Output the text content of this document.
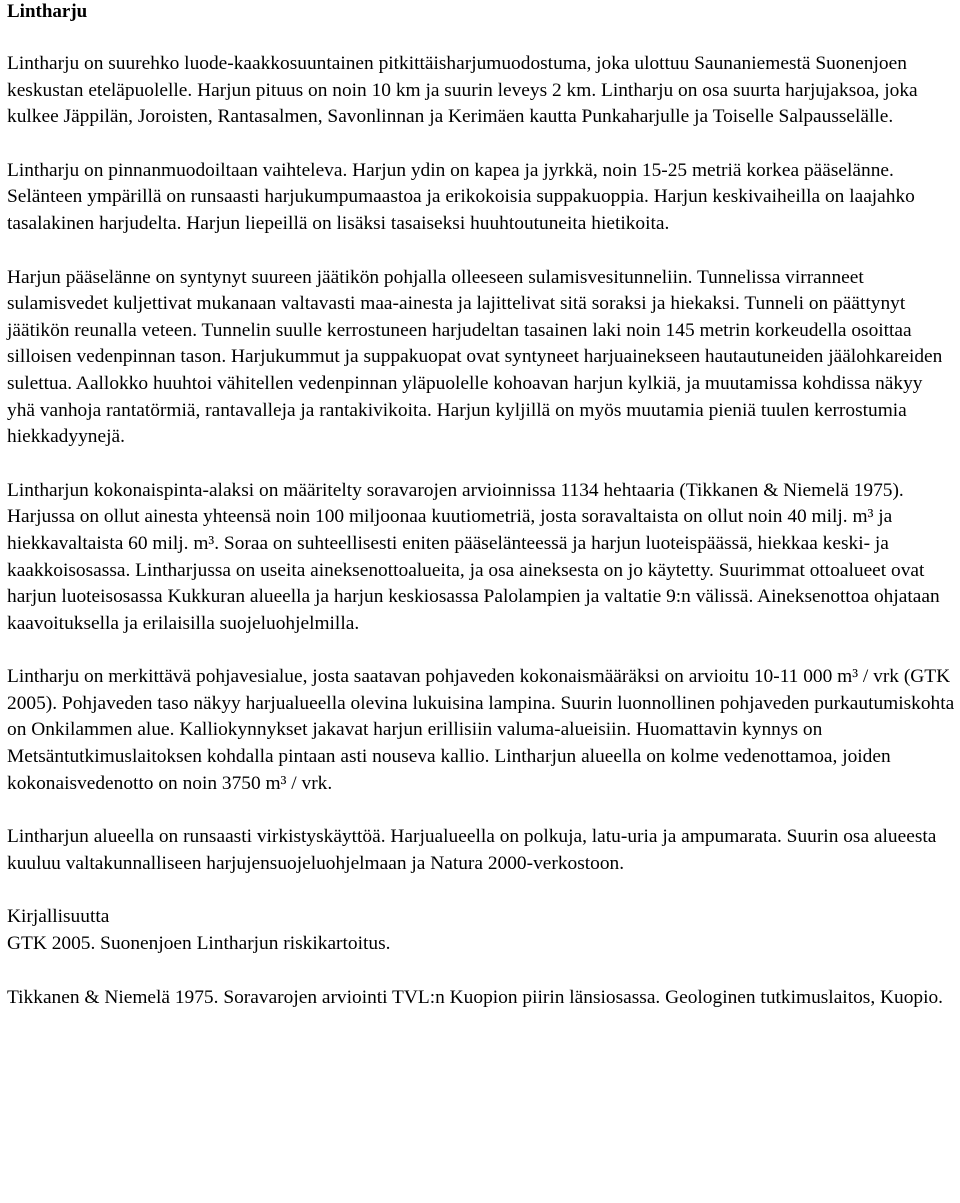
Lintharju

Lintharju on suurehko luode-kaakkosuuntainen pitkittäisharjumuodostuma, joka ulottuu Saunaniemestä Suonenjoen keskustan eteläpuolelle. Harjun pituus on noin 10 km ja suurin leveys 2 km. Lintharju on osa suurta harjujaksoa, joka kulkee Jäppilän, Joroisten, Rantasalmen, Savonlinnan ja Kerimäen kautta Punkaharjulle ja Toiselle Salpausselälle.

Lintharju on pinnanmuodoiltaan vaihteleva. Harjun ydin on kapea ja jyrkkä, noin 15-25 metriä korkea pääselänne. Selänteen ympärillä on runsaasti harjukumpumaastoa ja erikokoisia suppakuoppia. Harjun keskivaiheilla on laajahko tasalakinen harjudelta. Harjun liepeillä on lisäksi tasaiseksi huuhtoutuneita hietikoita.

Harjun pääselänne on syntynyt suureen jäätikön pohjalla olleeseen sulamisvesitunneliin. Tunnelissa virranneet sulamisvedet kuljettivat mukanaan valtavasti maa-ainesta ja lajittelivat sitä soraksi ja hiekaksi. Tunneli on päättynyt jäätikön reunalla veteen. Tunnelin suulle kerrostuneen harjudeltan tasainen laki noin 145 metrin korkeudella osoittaa silloisen vedenpinnan tason. Harjukummut ja suppakuopat ovat syntyneet harjuainekseen hautautuneiden jäälohkareiden sulettua. Aallokko huuhtoi vähitellen vedenpinnan yläpuolelle kohoavan harjun kylkiä, ja muutamissa kohdissa näkyy yhä vanhoja rantatörmiä, rantavalleja ja rantakivikoita. Harjun kyljillä on myös muutamia pieniä tuulen kerrostumia hiekkadyynejä.

Lintharjun kokonaispinta-alaksi on määritelty soravarojen arvioinnissa 1134 hehtaaria (Tikkanen & Niemelä 1975). Harjussa on ollut ainesta yhteensä noin 100 miljoonaa kuutiometriä, josta soravaltaista on ollut noin 40 milj. m³ ja hiekkavaltaista 60 milj. m³. Soraa on suhteellisesti eniten pääselänteessä ja harjun luoteispäässä, hiekkaa keski- ja kaakkoisosassa. Lintharjussa on useita aineksenottoalueita, ja osa aineksesta on jo käytetty. Suurimmat ottoalueet ovat harjun luoteisosassa Kukkuran alueella ja harjun keskiosassa Palolampien ja valtatie 9:n välissä. Aineksenottoa ohjataan kaavoituksella ja erilaisilla suojeluohjelmilla.

Lintharju on merkittävä pohjavesialue, josta saatavan pohjaveden kokonaismääräksi on arvioitu 10-11 000 m³ / vrk (GTK 2005). Pohjaveden taso näkyy harjualueella olevina lukuisina lampina. Suurin luonnollinen pohjaveden purkautumiskohta on Onkilammen alue. Kalliokynnykset jakavat harjun erillisiin valuma-alueisiin. Huomattavin kynnys on Metsäntutkimuslaitoksen kohdalla pintaan asti nouseva kallio. Lintharjun alueella on kolme vedenottamoa, joiden kokonaisvedenotto on noin 3750 m³ / vrk.

Lintharjun alueella on runsaasti virkistyskäyttöä. Harjualueella on polkuja, latu-uria ja ampumarata. Suurin osa alueesta kuuluu valtakunnalliseen harjujensuojeluohjelmaan ja Natura 2000-verkostoon.

Kirjallisuutta

GTK 2005. Suonenjoen Lintharjun riskikartoitus.

Tikkanen & Niemelä 1975. Soravarojen arviointi TVL:n Kuopion piirin länsiosassa. Geologinen tutkimuslaitos, Kuopio.
